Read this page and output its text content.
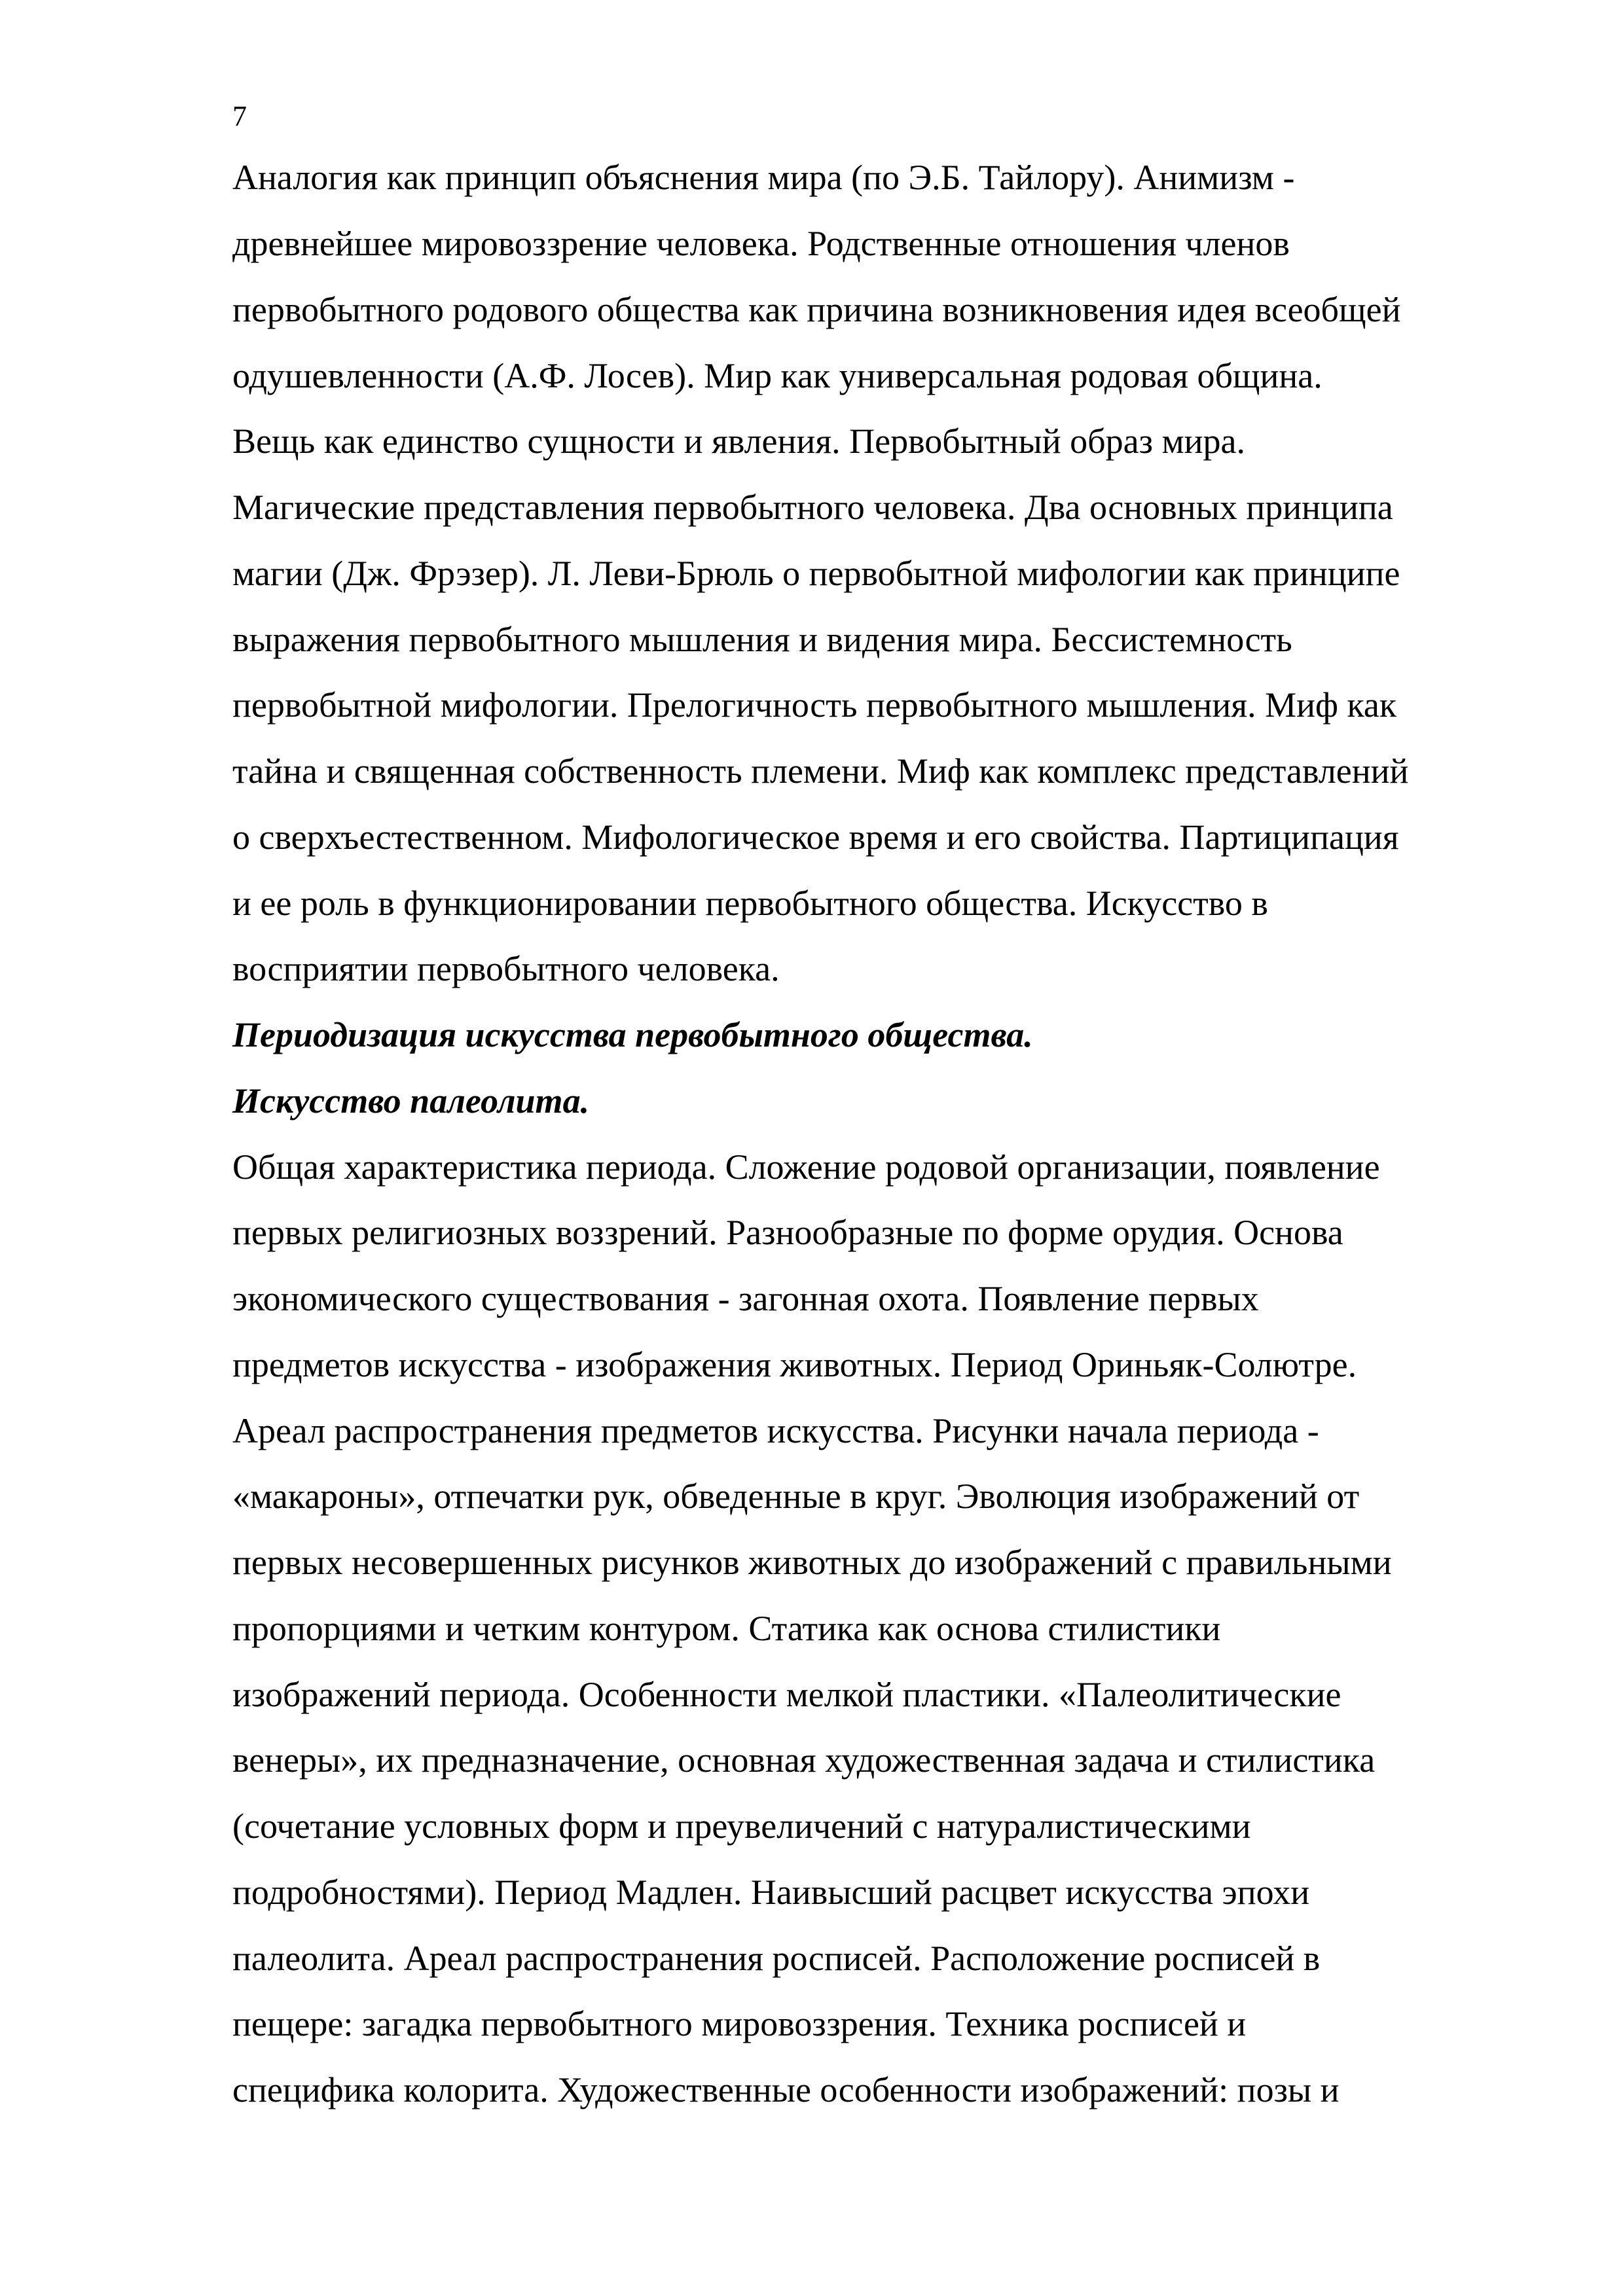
7

Аналогия как принцип объяснения мира (по Э.Б. Тайлору). Анимизм -

древнейшее мировоззрение человека. Родственные отношения членов

первобытного родового общества как причина возникновения идея всеобщей

одушевленности (А.Ф. Лосев). Мир как универсальная родовая община.

Вещь как единство сущности и явления. Первобытный образ мира.

Магические представления первобытного человека. Два основных принципа

магии (Дж. Фрэзер). Л. Леви-Брюль о первобытной мифологии как принципе

выражения первобытного мышления и видения мира. Бессистемность

первобытной мифологии. Прелогичность первобытного мышления. Миф как

тайна и священная собственность племени. Миф как комплекс представлений

о сверхъестественном. Мифологическое время и его свойства. Партиципация

и ее роль в функционировании первобытного общества. Искусство в

восприятии первобытного человека.

Периодизация искусства первобытного общества.

Искусство палеолита.

Общая характеристика периода. Сложение родовой организации, появление

первых религиозных воззрений. Разнообразные по форме орудия. Основа

экономического существования - загонная охота. Появление первых

предметов искусства - изображения животных. Период Ориньяк-Солютре.

Ареал распространения предметов искусства. Рисунки начала периода -

«макароны», отпечатки рук, обведенные в круг. Эволюция изображений от

первых несовершенных рисунков животных до изображений с правильными

пропорциями и четким контуром. Статика как основа стилистики

изображений периода. Особенности мелкой пластики. «Палеолитические

венеры», их предназначение, основная художественная задача и стилистика

(сочетание условных форм и преувеличений с натуралистическими

подробностями). Период Мадлен. Наивысший расцвет искусства эпохи

палеолита. Ареал распространения росписей. Расположение росписей в

пещере: загадка первобытного мировоззрения. Техника росписей и

специфика колорита. Художественные особенности изображений: позы и
